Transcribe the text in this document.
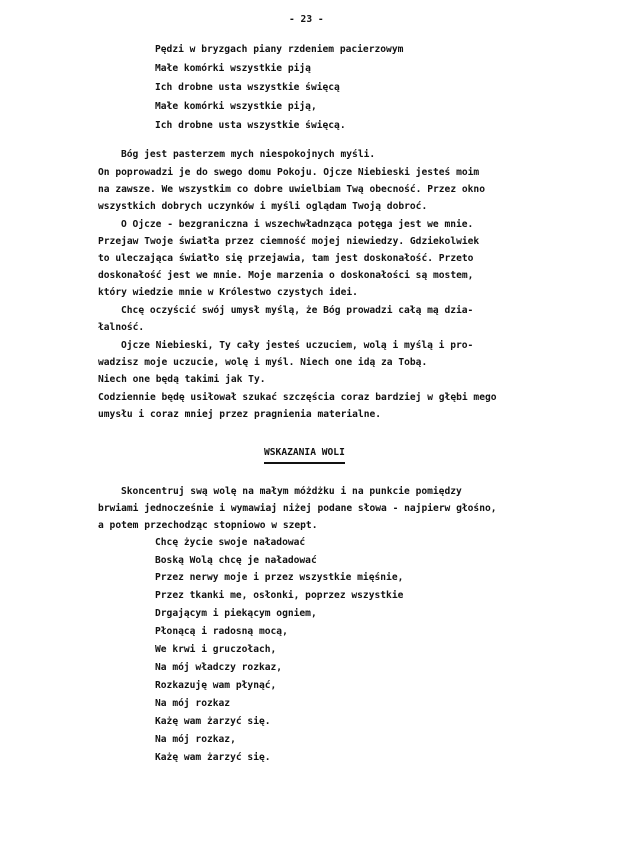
- 23 -
Pędzi w bryzgach piany rzdeniem pacierzowym
Małe komórki wszystkie piją
Ich drobne usta wszystkie święcą
Małe komórki wszystkie piją,
Ich drobne usta wszystkie święcą.
Bóg jest pasterzem mych niespokojnych myśli.
On poprowadzi je do swego domu Pokoju. Ojcze Niebieski jesteś moim
na zawsze. We wszystkim co dobre uwielbiam Twą obecność. Przez okno
wszystkich dobrych uczynków i myśli oglądam Twoją dobroć.
O Ojcze - bezgraniczna i wszechwładnząca potęga jest we mnie.
Przejaw Twoje światła przez ciemność mojej niewiedzy. Gdziekolwiek
to uleczająca światło się przejawia, tam jest doskonałość. Przeto
doskonałość jest we mnie. Moje marzenia o doskonałości są mostem,
który wiedzie mnie w Królestwo czystych idei.
Chcę oczyścić swój umysł myślą, że Bóg prowadzi całą mą dzia-
łalność.
Ojcze Niebieski, Ty cały jesteś uczuciem, wolą i myślą i pro-
wadzisz moje uczucie, wolę i myśl. Niech one idą za Tobą.
Niech one będą takimi jak Ty.
Codziennie będę usiłował szukać szczęścia coraz bardziej w głębi mego
umysłu i coraz mniej przez pragnienia materialne.
WSKAZANIA WOLI
Skoncentruj swą wolę na małym móżdżku i na punkcie pomiędzy
brwiami jednocześnie i wymawiaj niżej podane słowa - najpierw głośno,
a potem przechodząc stopniowo w szept.
Chcę życie swoje naładować
Boską Wolą chcę je naładować
Przez nerwy moje i przez wszystkie mięśnie,
Przez tkanki me, osłonki, poprzez wszystkie
Drgającym i piekącym ogniem,
Płonącą i radosną mocą,
We krwi i gruczołach,
Na mój władczy rozkaz,
Rozkazuję wam płynąć,
Na mój rozkaz
Każę wam żarzyć się.
Na mój rozkaz,
Każę wam żarzyć się.
